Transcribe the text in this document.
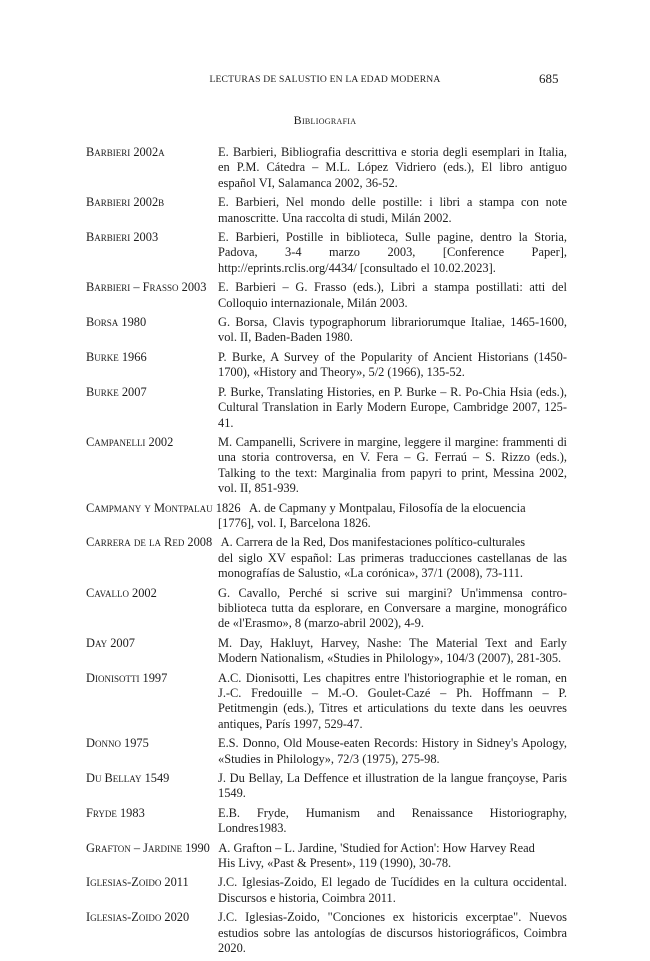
LECTURAS DE SALUSTIO EN LA EDAD MODERNA	685
Bibliografia
Barbieri 2002a	E. Barbieri, Bibliografia descrittiva e storia degli esemplari in Italia, en P.M. Cátedra – M.L. López Vidriero (eds.), El libro antiguo español VI, Salamanca 2002, 36-52.
Barbieri 2002b	E. Barbieri, Nel mondo delle postille: i libri a stampa con note manoscritte. Una raccolta di studi, Milán 2002.
Barbieri 2003	E. Barbieri, Postille in biblioteca, Sulle pagine, dentro la Storia, Padova, 3-4 marzo 2003, [Conference Paper], http://eprints.rclis.org/4434/ [consultado el 10.02.2023].
Barbieri – Frasso 2003 E. Barbieri – G. Frasso (eds.), Libri a stampa postillati: atti del Colloquio internazionale, Milán 2003.
Borsa 1980	G. Borsa, Clavis typographorum librariorumque Italiae, 1465-1600, vol. II, Baden-Baden 1980.
Burke 1966	P. Burke, A Survey of the Popularity of Ancient Historians (1450-1700), «History and Theory», 5/2 (1966), 135-52.
Burke 2007	P. Burke, Translating Histories, en P. Burke – R. Po-Chia Hsia (eds.), Cultural Translation in Early Modern Europe, Cambridge 2007, 125-41.
Campanelli 2002	M. Campanelli, Scrivere in margine, leggere il margine: frammenti di una storia controversa, en V. Fera – G. Ferraú – S. Rizzo (eds.), Talking to the text: Marginalia from papyri to print, Messina 2002, vol. II, 851-939.
Campmany y Montpalau 1826 A. de Capmany y Montpalau, Filosofía de la elocuencia
[1776], vol. I, Barcelona 1826.
Carrera de la Red 2008 A. Carrera de la Red, Dos manifestaciones político-culturales
del siglo XV español: Las primeras traducciones castellanas de las monografías de Salustio, «La corónica», 37/1 (2008), 73-111.
Cavallo 2002	G. Cavallo, Perché si scrive sui margini? Un'immensa contro-biblioteca tutta da esplorare, en Conversare a margine, monográfico de «l'Erasmo», 8 (marzo-abril 2002), 4-9.
Day 2007	M. Day, Hakluyt, Harvey, Nashe: The Material Text and Early Modern Nationalism, «Studies in Philology», 104/3 (2007), 281-305.
Dionisotti 1997	A.C. Dionisotti, Les chapitres entre l'historiographie et le roman, en J.-C. Fredouille – M.-O. Goulet-Cazé – Ph. Hoffmann – P. Petitmengin (eds.), Titres et articulations du texte dans les oeuvres antiques, París 1997, 529-47.
Donno 1975	E.S. Donno, Old Mouse-eaten Records: History in Sidney's Apology, «Studies in Philology», 72/3 (1975), 275-98.
Du Bellay 1549	J. Du Bellay, La Deffence et illustration de la langue françoyse, Paris 1549.
Fryde 1983	E.B. Fryde, Humanism and Renaissance Historiography, Londres1983.
Grafton – Jardine 1990 A. Grafton – L. Jardine, 'Studied for Action': How Harvey Read
His Livy, «Past & Present», 119 (1990), 30-78.
Iglesias-Zoido 2011 J.C. Iglesias-Zoido, El legado de Tucídides en la cultura occidental. Discursos e historia, Coimbra 2011.
Iglesias-Zoido 2020 J.C. Iglesias-Zoido, "Conciones ex historicis excerptae". Nuevos estudios sobre las antologías de discursos historiográficos, Coimbra 2020.
